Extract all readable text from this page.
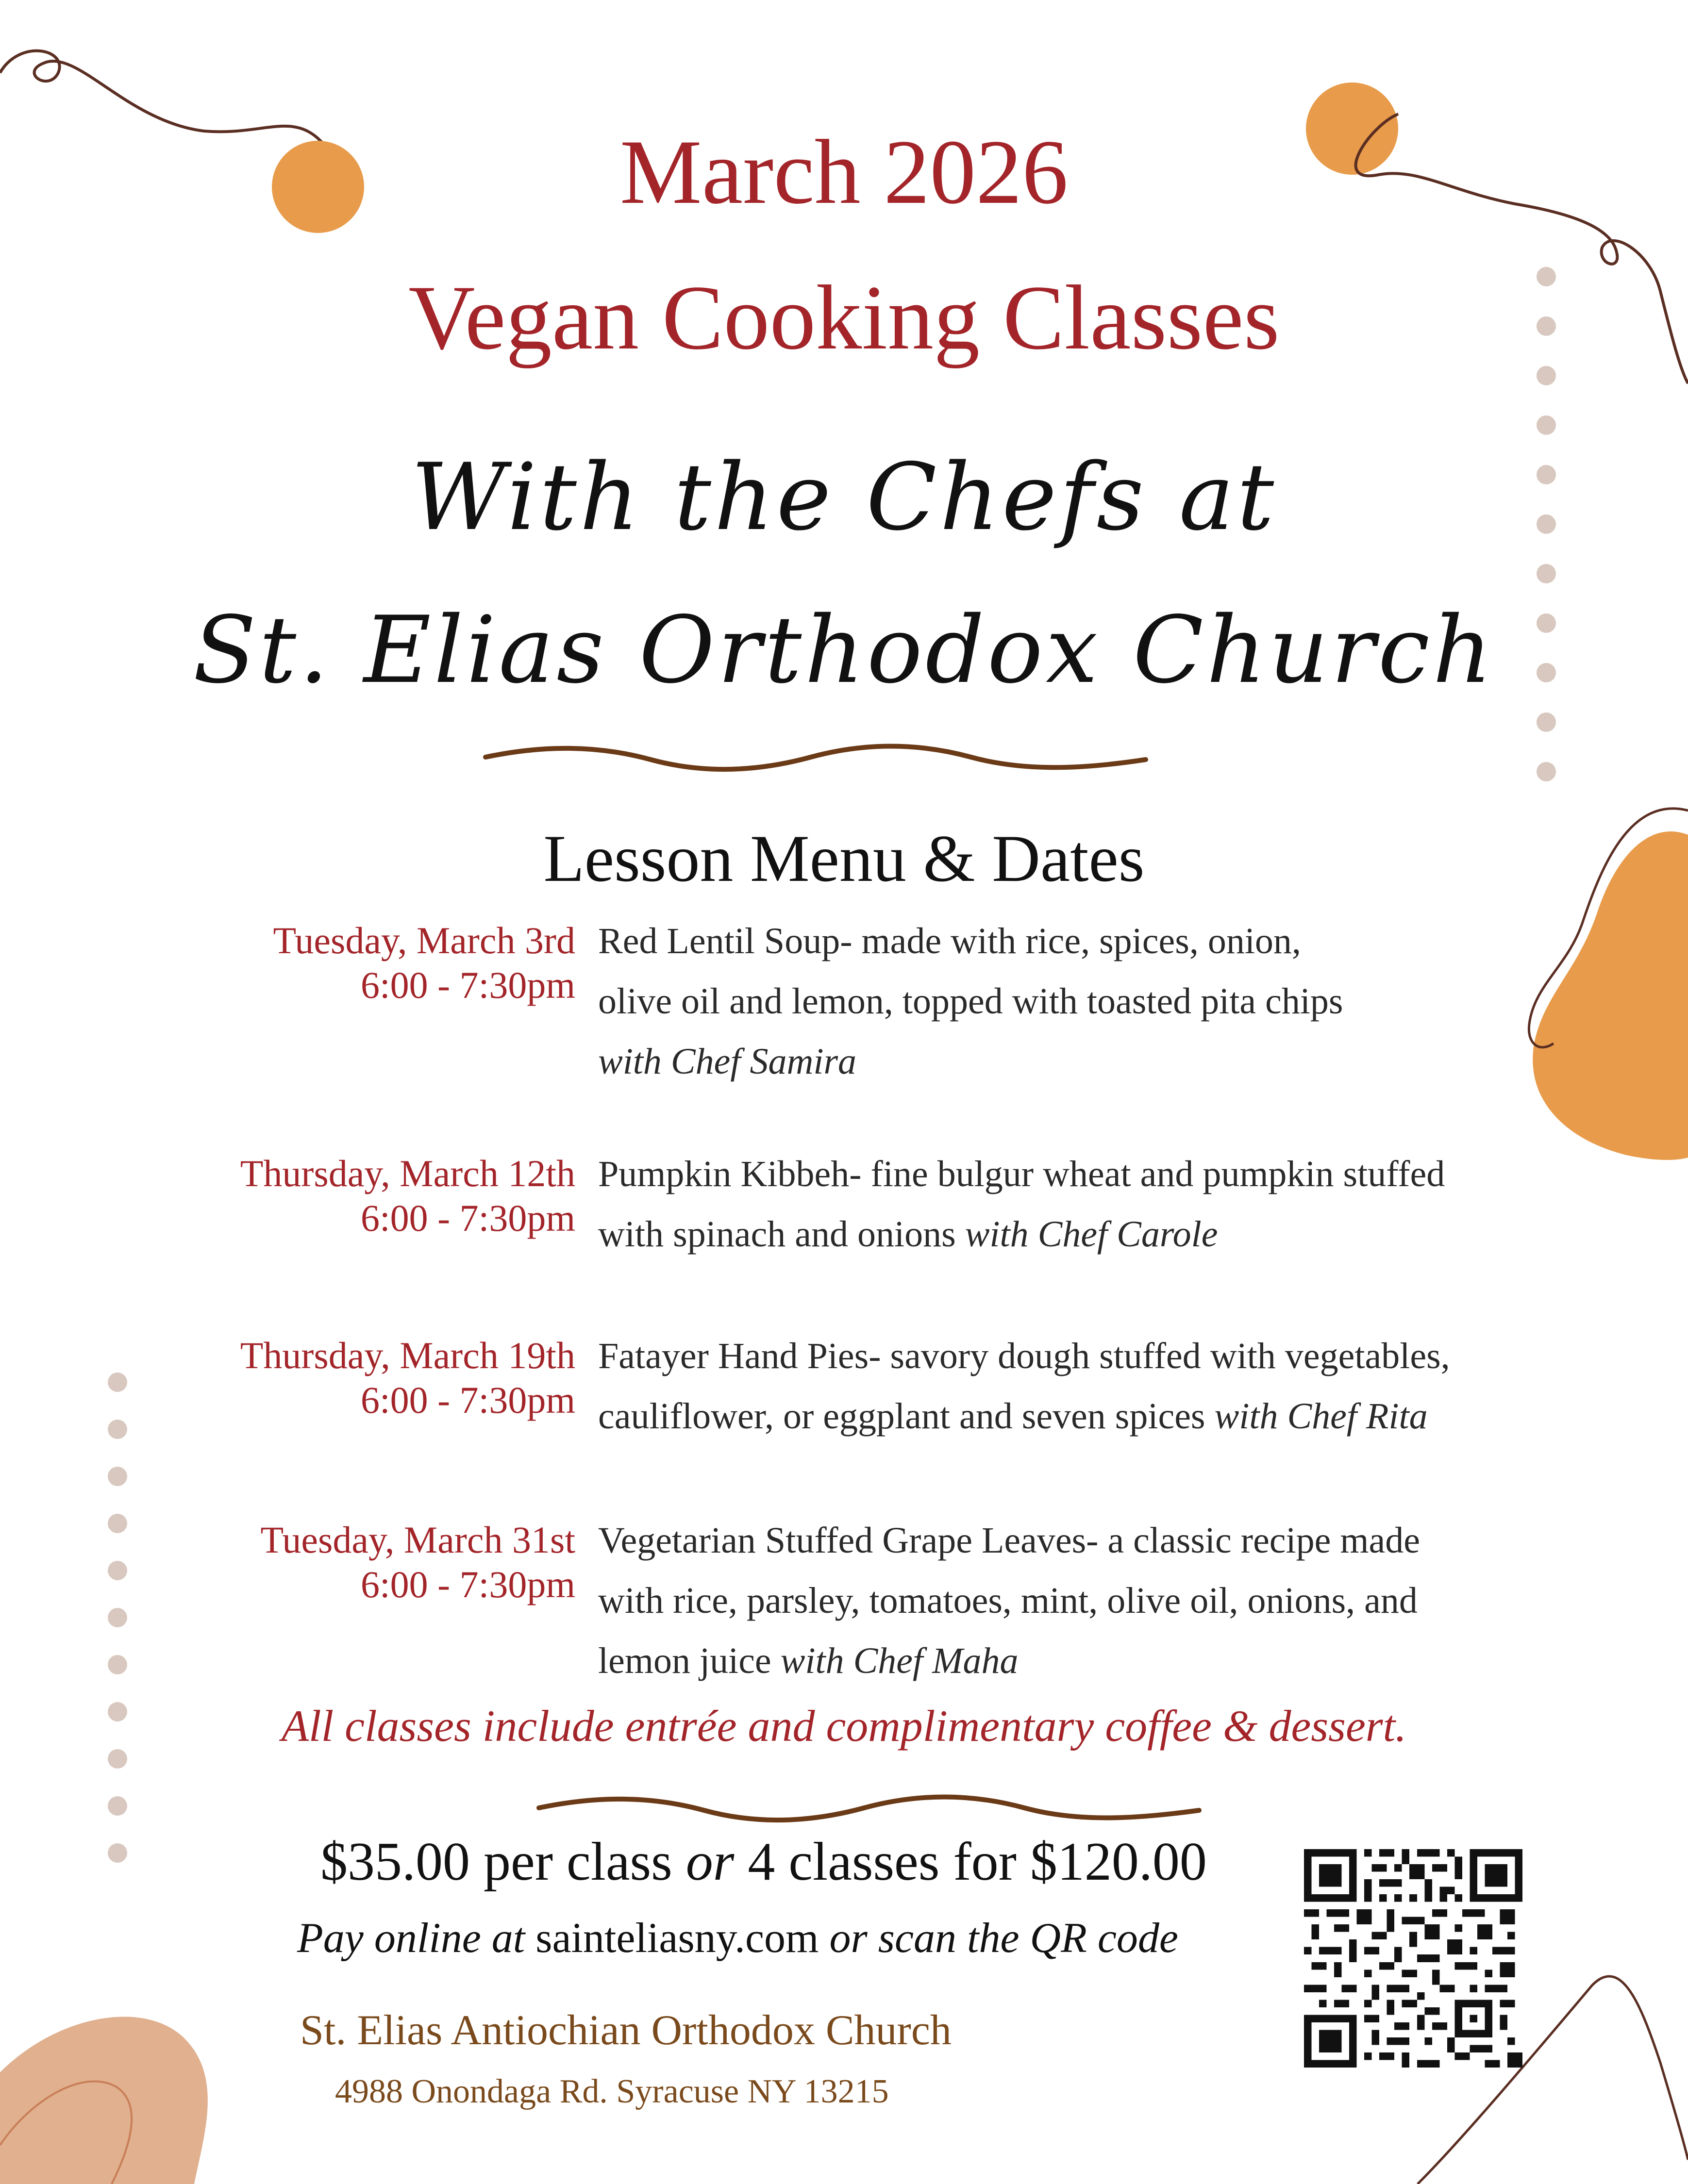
March 2026
Vegan Cooking Classes
With the Chefs at
St. Elias Orthodox Church
Lesson Menu & Dates
Tuesday, March 3rd
6:00 - 7:30pm
Red Lentil Soup- made with rice, spices, onion,
olive oil and lemon, topped with toasted pita chips
with Chef Samira
Thursday, March 12th
6:00 - 7:30pm
Pumpkin Kibbeh- fine bulgur wheat and pumpkin stuffed
with spinach and onions with Chef Carole
Thursday, March 19th
6:00 - 7:30pm
Fatayer Hand Pies- savory dough stuffed with vegetables,
cauliflower, or eggplant and seven spices with Chef Rita
Tuesday, March 31st
6:00 - 7:30pm
Vegetarian Stuffed Grape Leaves- a classic recipe made
with rice, parsley, tomatoes, mint, olive oil, onions, and
lemon juice with Chef Maha
All classes include entrée and complimentary coffee & dessert.
$35.00 per class or 4 classes for $120.00
Pay online at sainteliasny.com or scan the QR code
St. Elias Antiochian Orthodox Church
4988 Onondaga Rd. Syracuse NY 13215
